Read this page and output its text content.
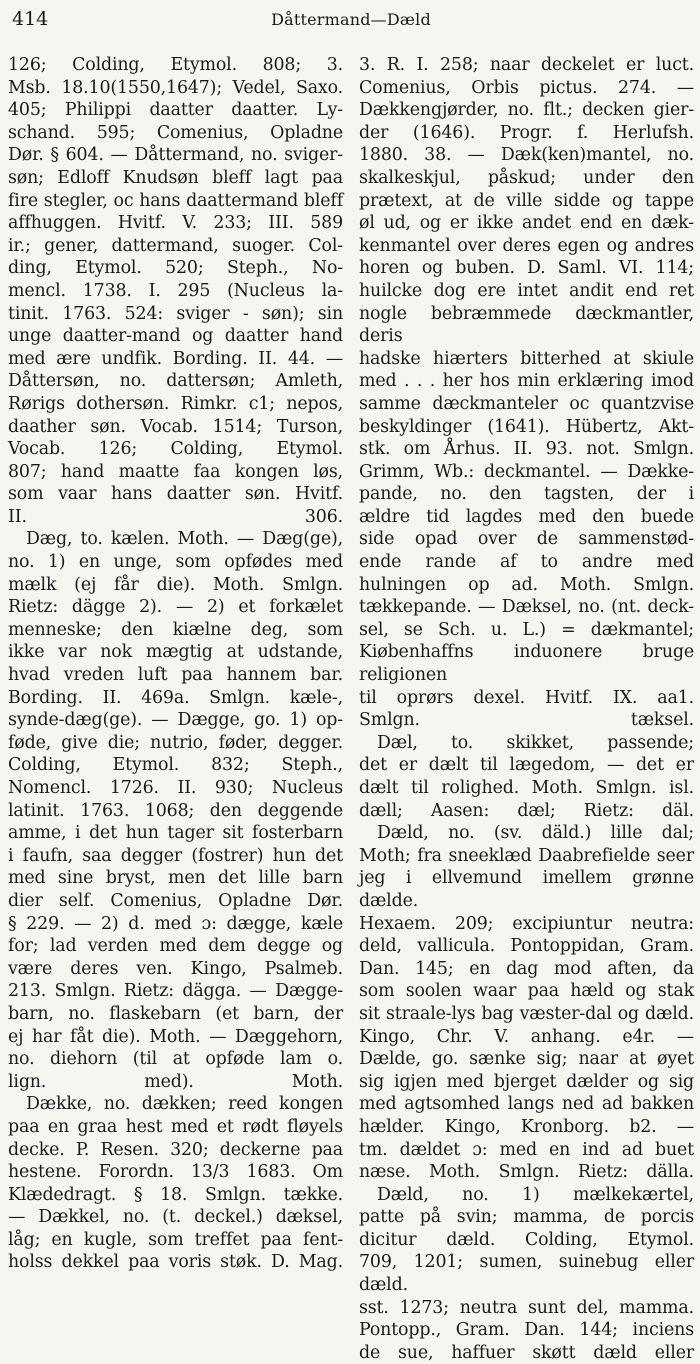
414	Dåttermand—Dæld

126; Colding, Etymol. 808; 3.

Msb. 18.10(1550,1647); Vedel, Saxo.

405; Philippi daatter daatter. Ly-

schand. 595; Comenius, Opladne

Dør. § 604. — Dåttermand, no. sviger-

søn; Edloff Knudsøn bleff lagt paa

fire stegler, oc hans daattermand bleff

affhuggen. Hvitf. V. 233; III. 589

ir.; gener, dattermand, suoger. Col-

ding, Etymol. 520; Steph., No-

mencl. 1738. I. 295 (Nucleus la-

tinit. 1763. 524: sviger - søn); sin

unge daatter-mand og daatter hand

med ære undfik. Bording. II. 44. —

Dåttersøn, no. dattersøn; Amleth,

Rørigs dothersøn. Rimkr. c1; nepos,

daather søn. Vocab. 1514; Turson,

Vocab. 126; Colding, Etymol.

807; hand maatte faa kongen løs,

som vaar hans daatter søn. Hvitf.

II. 306.

Dæg, to. kælen. Moth. — Dæg(ge),

no. 1) en unge, som opfødes med

mælk (ej får die). Moth. Smlgn.

Rietz: dägge 2). — 2) et forkælet

menneske; den kiælne deg, som

ikke var nok mægtig at udstande,

hvad vreden luft paa hannem bar.

Bording. II. 469a. Smlgn. kæle-,

synde-dæg(ge). — Dægge, go. 1) op-

føde, give die; nutrio, føder, degger.

Colding, Etymol. 832; Steph.,

Nomencl. 1726. II. 930; Nucleus

latinit. 1763. 1068; den deggende

amme, i det hun tager sit fosterbarn

i faufn, saa degger (fostrer) hun det

med sine bryst, men det lille barn

dier self. Comenius, Opladne Dør.

§ 229. — 2) d. med ɔ: dægge, kæle

for; lad verden med dem degge og

være deres ven. Kingo, Psalmeb.

213. Smlgn. Rietz: dägga. — Dægge-

barn, no. flaskebarn (et barn, der

ej har fåt die). Moth. — Dæggehorn,

no. diehorn (til at opføde lam o.

lign. med). Moth.

Dække, no. dækken; reed kongen

paa en graa hest med et rødt fløyels

decke. P. Resen. 320; deckerne paa

hestene. Forordn. 13/3 1683. Om

Klædedragt. § 18. Smlgn. tække.

— Dækkel, no. (t. deckel.) dæksel,

låg; en kugle, som treffet paa fent-

holss dekkel paa voris støk. D. Mag.

3. R. I. 258; naar deckelet er luct.

Comenius, Orbis pictus. 274. —

Dækkengjørder, no. flt.; decken gier-

der (1646). Progr. f. Herlufsh.

1880. 38. — Dæk(ken)mantel, no.

skalkeskjul, påskud; under den

prætext, at de ville sidde og tappe

øl ud, og er ikke andet end en dæk-

kenmantel over deres egen og andres

horen og buben. D. Saml. VI. 114;

huilcke dog ere intet andit end ret

nogle bebræmmede dæckmantler, deris

hadske hiærters bitterhed at skiule

med . . . her hos min erklæring imod

samme dæckmanteler oc quantzvise

beskyldinger (1641). Hübertz, Akt-

stk. om Århus. II. 93. not. Smlgn.

Grimm, Wb.: deckmantel. — Dække-

pande, no. den tagsten, der i

ældre tid lagdes med den buede

side opad over de sammenstød-

ende rande af to andre med

hulningen op ad. Moth. Smlgn.

tækkepande. — Dæksel, no. (nt. deck-

sel, se Sch. u. L.) = dækmantel;

Kiøbenhaffns induonere bruge religionen

til oprørs dexel. Hvitf. IX. aa1.

Smlgn. tæksel.

Dæl, to. skikket, passende;

det er dælt til lægedom, — det er

dælt til rolighed. Moth. Smlgn. isl.

dæll; Aasen: dæl; Rietz: däl.

Dæld, no. (sv. däld.) lille dal;

Moth; fra sneeklæd Daabrefielde seer

jeg i ellvemund imellem grønne dælde.

Hexaem. 209; excipiuntur neutra:

deld, vallicula. Pontoppidan, Gram.

Dan. 145; en dag mod aften, da

som soolen waar paa hæld og stak

sit straale-lys bag væster-dal og dæld.

Kingo, Chr. V. anhang. e4r. —

Dælde, go. sænke sig; naar at øyet

sig igjen med bjerget dælder og sig

med agtsomhed langs ned ad bakken

hælder. Kingo, Kronborg. b2. —

tm. dældet ɔ: med en ind ad buet

næse. Moth. Smlgn. Rietz: dälla.

Dæld, no. 1) mælkekærtel,

patte på svin; mamma, de porcis

dicitur dæld. Colding, Etymol.

709, 1201; sumen, suinebug eller dæld.

sst. 1273; neutra sunt del, mamma.

Pontopp., Gram. Dan. 144; inciens

de sue, haffuer skøtt dæld eller
